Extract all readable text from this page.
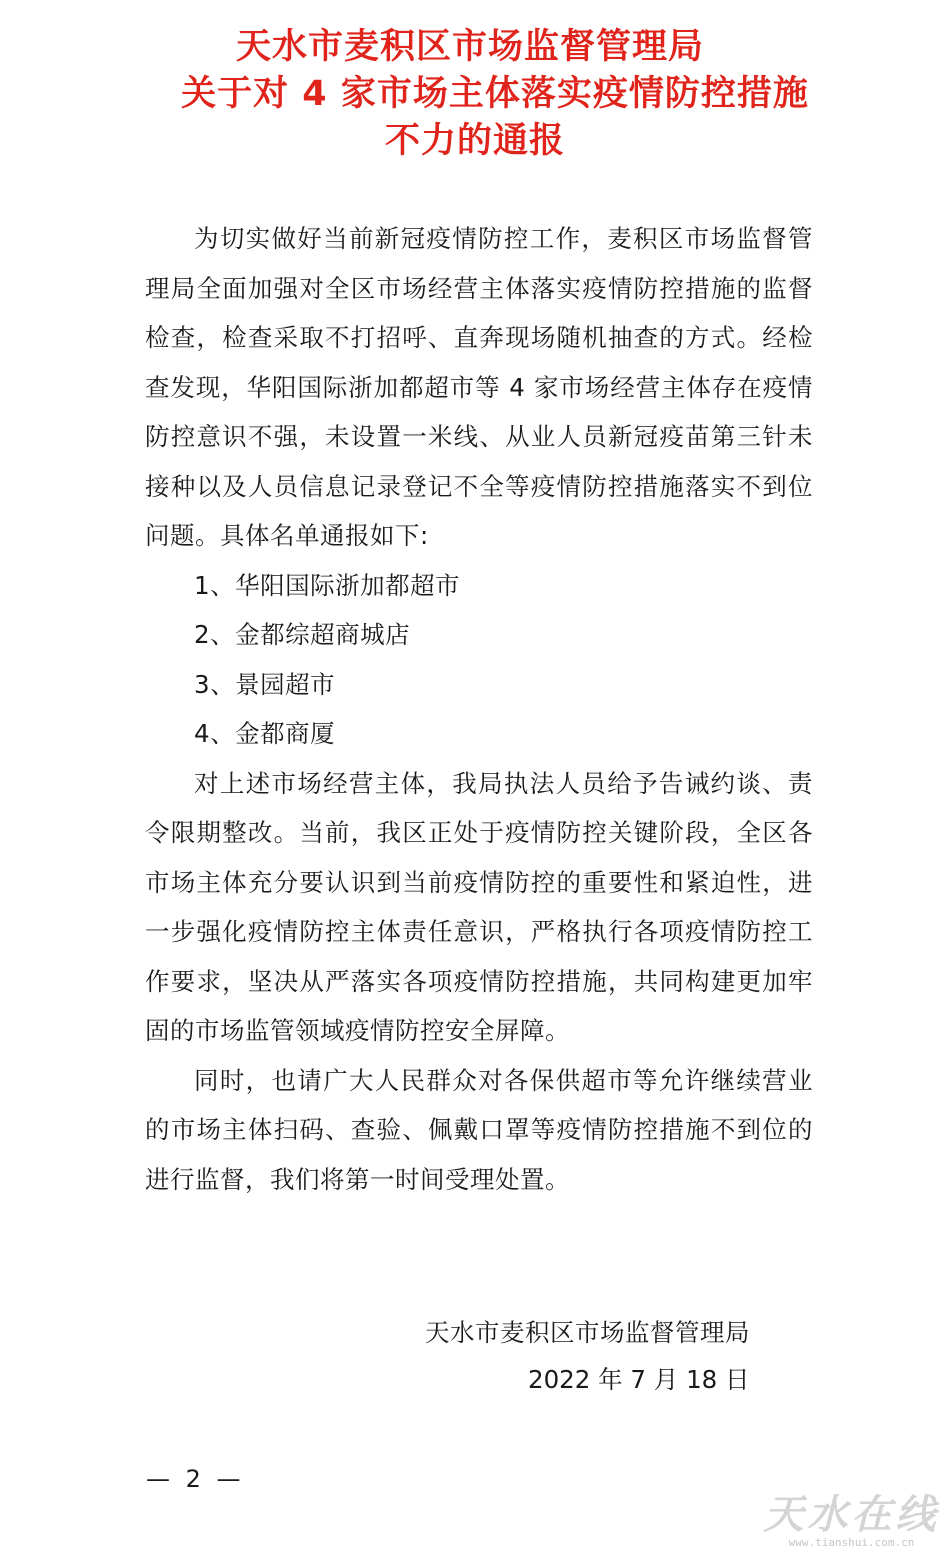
天水市麦积区市场监督管理局
关于对 4 家市场主体落实疫情防控措施
不力的通报

为切实做好当前新冠疫情防控工作，麦积区市场监督管理局全面加强对全区市场经营主体落实疫情防控措施的监督检查，检查采取不打招呼、直奔现场随机抽查的方式。经检查发现，华阳国际浙加都超市等 4 家市场经营主体存在疫情防控意识不强，未设置一米线、从业人员新冠疫苗第三针未接种以及人员信息记录登记不全等疫情防控措施落实不到位问题。具体名单通报如下:

1、华阳国际浙加都超市
2、金都综超商城店
3、景园超市
4、金都商厦

对上述市场经营主体，我局执法人员给予告诫约谈、责令限期整改。当前，我区正处于疫情防控关键阶段，全区各市场主体充分要认识到当前疫情防控的重要性和紧迫性，进一步强化疫情防控主体责任意识，严格执行各项疫情防控工作要求，坚决从严落实各项疫情防控措施，共同构建更加牢固的市场监管领域疫情防控安全屏障。

同时，也请广大人民群众对各保供超市等允许继续营业的市场主体扫码、查验、佩戴口罩等疫情防控措施不到位的进行监督，我们将第一时间受理处置。

天水市麦积区市场监督管理局
2022 年 7 月 18 日
— 2 —
天水在线
www.tianshui.com.cn
